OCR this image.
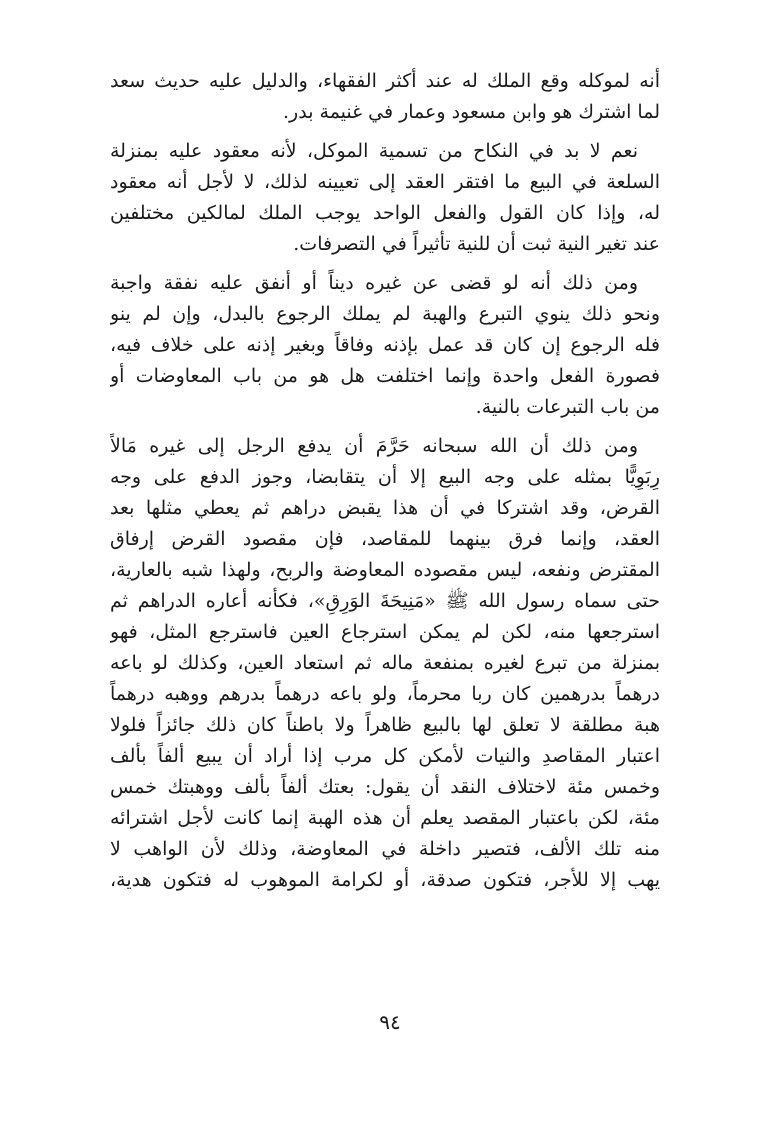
أنه لموكله وقع الملك له عند أكثر الفقهاء، والدليل عليه حديث سعد
لما اشترك هو وابن مسعود وعمار في غنيمة بدر.
نعم لا بد في النكاح من تسمية الموكل، لأنه معقود عليه بمنزلة
السلعة في البيع ما افتقر العقد إلى تعيينه لذلك، لا لأجل أنه معقود
له، وإذا كان القول والفعل الواحد يوجب الملك لمالكين مختلفين
عند تغير النية ثبت أن للنية تأثيراً في التصرفات.
ومن ذلك أنه لو قضى عن غيره ديناً أو أنفق عليه نفقة واجبة
ونحو ذلك ينوي التبرع والهبة لم يملك الرجوع بالبدل، وإن لم ينو
فله الرجوع إن كان قد عمل بإذنه وفاقاً وبغير إذنه على خلاف فيه،
فصورة الفعل واحدة وإنما اختلفت هل هو من باب المعاوضات أو
من باب التبرعات بالنية.
ومن ذلك أن الله سبحانه حَرَّمَ أن يدفع الرجل إلى غيره مَالاً
رِبَوِيًّا بمثله على وجه البيع إلا أن يتقابضا، وجوز الدفع على وجه
القرض، وقد اشتركا في أن هذا يقبض دراهم ثم يعطي مثلها بعد
العقد، وإنما فرق بينهما للمقاصد، فإن مقصود القرض إرفاق
المقترض ونفعه، ليس مقصوده المعاوضة والربح، ولهذا شبه بالعارية،
حتى سماه رسول الله ﷺ «مَنِيحَةَ الوَرِقِ»، فكأنه أعاره الدراهم ثم
استرجعها منه، لكن لم يمكن استرجاع العين فاسترجع المثل، فهو
بمنزلة من تبرع لغيره بمنفعة ماله ثم استعاد العين، وكذلك لو باعه
درهماً بدرهمين كان ربا محرماً، ولو باعه درهماً بدرهم ووهبه درهماً
هبة مطلقة لا تعلق لها بالبيع ظاهراً ولا باطناً كان ذلك جائزاً فلولا
اعتبار المقاصدِ والنيات لأمكن كل مرب إذا أراد أن يبيع ألفاً بألف
وخمس مئة لاختلاف النقد أن يقول: بعتك ألفاً بألف ووهبتك خمس
مئة، لكن باعتبار المقصد يعلم أن هذه الهبة إنما كانت لأجل اشترائه
منه تلك الألف، فتصير داخلة في المعاوضة، وذلك لأن الواهب لا
يهب إلا للأجر، فتكون صدقة، أو لكرامة الموهوب له فتكون هدية،
٩٤
